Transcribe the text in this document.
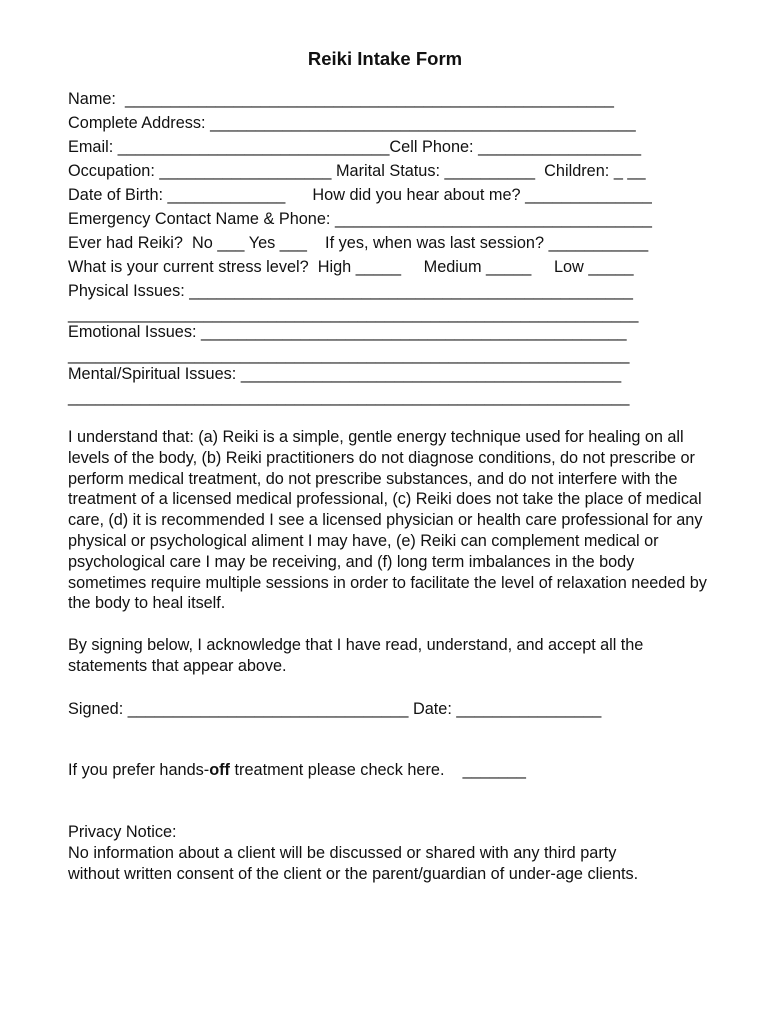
Reiki Intake Form
Name:  ______________________________________________________
Complete Address: _______________________________________________
Email: ______________________________Cell Phone: __________________
Occupation: ___________________ Marital Status: __________  Children: _ __
Date of Birth: _____________      How did you hear about me? ______________
Emergency Contact Name & Phone: ___________________________________
Ever had Reiki?  No ___ Yes ___    If yes, when was last session? ___________
What is your current stress level?  High _____     Medium _____     Low _____
Physical Issues: _________________________________________________
_______________________________________________________________
Emotional Issues: _______________________________________________
______________________________________________________________
Mental/Spiritual Issues: __________________________________________
______________________________________________________________
I understand that: (a) Reiki is a simple, gentle energy technique used for healing on all levels of the body, (b) Reiki practitioners do not diagnose conditions, do not prescribe or perform medical treatment, do not prescribe substances, and do not interfere with the treatment of a licensed medical professional, (c) Reiki does not take the place of medical care, (d) it is recommended I see a licensed physician or health care professional for any physical or psychological aliment I may have, (e) Reiki can complement medical or psychological care I may be receiving, and (f) long term imbalances in the body sometimes require multiple sessions in order to facilitate the level of relaxation needed by the body to heal itself.
By signing below, I acknowledge that I have read, understand, and accept all the statements that appear above.
Signed: _______________________________ Date: ________________
If you prefer hands-off treatment please check here.    _______
Privacy Notice:
No information about a client will be discussed or shared with any third party
without written consent of the client or the parent/guardian of under-age clients.
